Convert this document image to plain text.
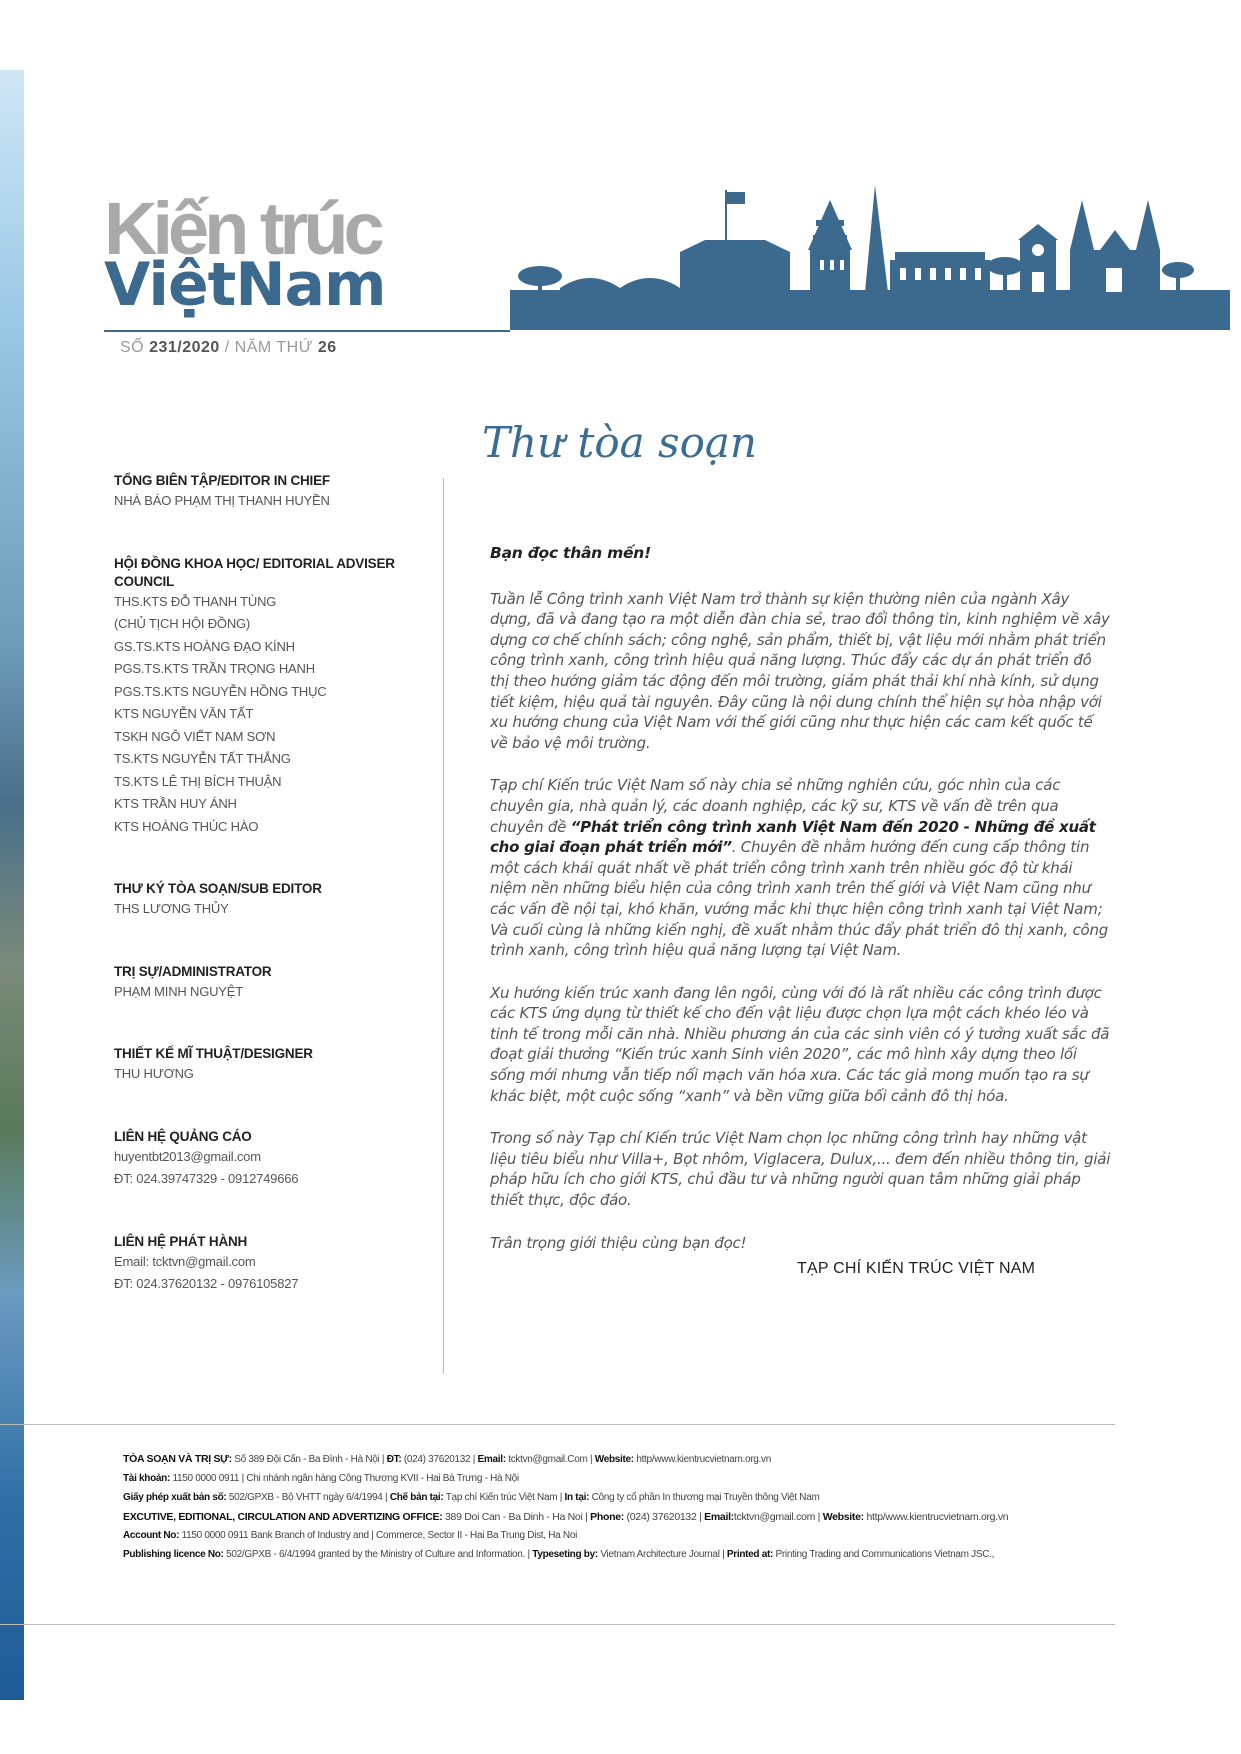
Kiến trúc
ViệtNam
SỐ 231/2020 / NĂM THỨ 26
TỔNG BIÊN TẬP/EDITOR IN CHIEF
NHÀ BÁO PHẠM THỊ THANH HUYỀN
HỘI ĐỒNG KHOA HỌC/ EDITORIAL ADVISER COUNCIL
THS.KTS ĐỖ THANH TÙNG
(CHỦ TỊCH HỘI ĐỒNG)
GS.TS.KTS HOÀNG ĐẠO KÍNH
PGS.TS.KTS TRẦN TRỌNG HANH
PGS.TS.KTS NGUYỄN HỒNG THỤC
KTS NGUYỄN VĂN TẤT
TSKH NGÔ VIẾT NAM SƠN
TS.KTS NGUYỄN TẤT THẮNG
TS.KTS LÊ THỊ BÍCH THUẬN
KTS TRẦN HUY ÁNH
KTS HOÀNG THÚC HÀO
THƯ KÝ TÒA SOẠN/SUB EDITOR
THS LƯƠNG THỦY
TRỊ SỰ/ADMINISTRATOR
PHẠM MINH NGUYỆT
THIẾT KẾ MĨ THUẬT/DESIGNER
THU HƯƠNG
LIÊN HỆ QUẢNG CÁO
huyentbt2013@gmail.com
ĐT: 024.39747329 - 0912749666
LIÊN HỆ PHÁT HÀNH
Email: tcktvn@gmail.com
ĐT: 024.37620132 - 0976105827
Thư tòa soạn

Bạn đọc thân mến!

Tuần lễ Công trình xanh Việt Nam trở thành sự kiện thường niên của ngành Xây dựng, đã và đang tạo ra một diễn đàn chia sẻ, trao đổi thông tin, kinh nghiệm về xây dựng cơ chế chính sách; công nghệ, sản phẩm, thiết bị, vật liệu mới nhằm phát triển công trình xanh, công trình hiệu quả năng lượng. Thúc đẩy các dự án phát triển đô thị theo hướng giảm tác động đến môi trường, giảm phát thải khí nhà kính, sử dụng tiết kiệm, hiệu quả tài nguyên. Đây cũng là nội dung chính thể hiện sự hòa nhập với xu hướng chung của Việt Nam với thế giới cũng như thực hiện các cam kết quốc tế về bảo vệ môi trường.

Tạp chí Kiến trúc Việt Nam số này chia sẻ những nghiên cứu, góc nhìn của các chuyên gia, nhà quản lý, các doanh nghiệp, các kỹ sư, KTS về vấn đề trên qua chuyên đề “Phát triển công trình xanh Việt Nam đến 2020 - Những đề xuất cho giai đoạn phát triển mới”. Chuyên đề nhằm hướng đến cung cấp thông tin một cách khái quát nhất về phát triển công trình xanh trên nhiều góc độ từ khái niệm nền những biểu hiện của công trình xanh trên thế giới và Việt Nam cũng như các vấn đề nội tại, khó khăn, vướng mắc khi thực hiện công trình xanh tại Việt Nam; Và cuối cùng là những kiến nghị, đề xuất nhằm thúc đẩy phát triển đô thị xanh, công trình xanh, công trình hiệu quả năng lượng tại Việt Nam.

Xu hướng kiến trúc xanh đang lên ngôi, cùng với đó là rất nhiều các công trình được các KTS ứng dụng từ thiết kế cho đến vật liệu được chọn lựa một cách khéo léo và tinh tế trong mỗi căn nhà. Nhiều phương án của các sinh viên có ý tưởng xuất sắc đã đoạt giải thưởng “Kiến trúc xanh Sinh viên 2020”, các mô hình xây dựng theo lối sống mới nhưng vẫn tiếp nối mạch văn hóa xưa. Các tác giả mong muốn tạo ra sự khác biệt, một cuộc sống “xanh” và bền vững giữa bối cảnh đô thị hóa.

Trong số này Tạp chí Kiến trúc Việt Nam chọn lọc những công trình hay những vật liệu tiêu biểu như Villa+, Bọt nhôm, Viglacera, Dulux,... đem đến nhiều thông tin, giải pháp hữu ích cho giới KTS, chủ đầu tư và những người quan tâm những giải pháp thiết thực, độc đáo.

Trân trọng giới thiệu cùng bạn đọc!

TẠP CHÍ KIẾN TRÚC VIỆT NAM
TÒA SOẠN VÀ TRỊ SỰ: Số 389 Đội Cấn - Ba Đình - Hà Nội | ĐT: (024) 37620132 | Email: tcktvn@gmail.Com | Website: http/www.kientrucvietnam.org.vn
Tài khoản: 1150 0000 0911 | Chi nhánh ngân hàng Công Thương KVII - Hai Bà Trưng - Hà Nội
Giấy phép xuất bản số: 502/GPXB - Bộ VHTT ngày 6/4/1994 | Chế bản tại: Tạp chí Kiến trúc Việt Nam | In tại: Công ty cổ phần In thương mại Truyền thông Việt Nam
EXCUTIVE, EDITIONAL, CIRCULATION AND ADVERTIZING OFFICE: 389 Doi Can - Ba Dinh - Ha Noi | Phone: (024) 37620132 | Email:tcktvn@gmail.com | Website: http/www.kientrucvietnam.org.vn
Account No: 1150 0000 0911 Bank Branch of Industry and | Commerce, Sector II - Hai Ba Trung Dist, Ha Noi
Publishing licence No: 502/GPXB - 6/4/1994 granted by the Ministry of Culture and Information. | Typeseting by: Vietnam Architecture Journal | Printed at: Printing Trading and Communications Vietnam JSC.,
